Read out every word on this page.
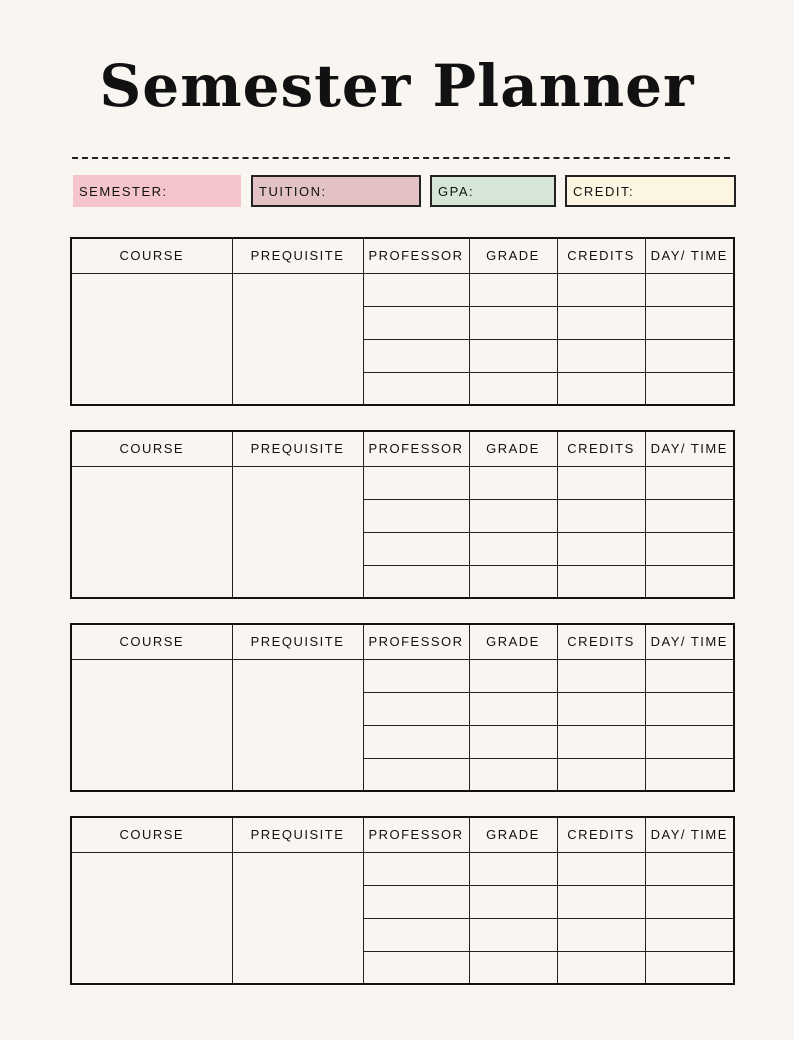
Semester Planner
SEMESTER:	TUITION:	GPA:	CREDIT:
COURSE	PREQUISITE	PROFESSOR	GRADE	CREDITS	DAY/ TIME

COURSE	PREQUISITE	PROFESSOR	GRADE	CREDITS	DAY/ TIME

COURSE	PREQUISITE	PROFESSOR	GRADE	CREDITS	DAY/ TIME

COURSE	PREQUISITE	PROFESSOR	GRADE	CREDITS	DAY/ TIME
